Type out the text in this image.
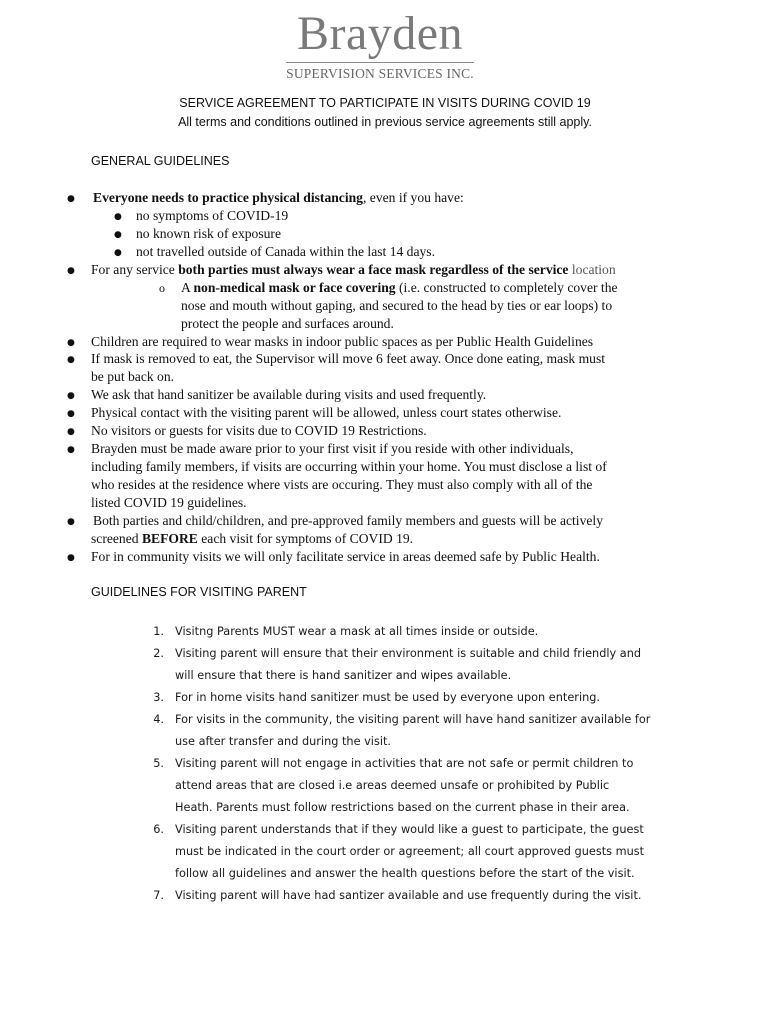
Brayden
SUPERVISION SERVICES INC.
SERVICE AGREEMENT TO PARTICIPATE IN VISITS DURING COVID 19
All terms and conditions outlined in previous service agreements still apply.
GENERAL GUIDELINES
● Everyone needs to practice physical distancing, even if you have:
● no symptoms of COVID-19
● no known risk of exposure
● not travelled outside of Canada within the last 14 days.
● For any service both parties must always wear a face mask regardless of the service location
o A non-medical mask or face covering (i.e. constructed to completely cover the
nose and mouth without gaping, and secured to the head by ties or ear loops) to
protect the people and surfaces around.
● Children are required to wear masks in indoor public spaces as per Public Health Guidelines
● If mask is removed to eat, the Supervisor will move 6 feet away. Once done eating, mask must
be put back on.
● We ask that hand sanitizer be available during visits and used frequently.
● Physical contact with the visiting parent will be allowed, unless court states otherwise.
● No visitors or guests for visits due to COVID 19 Restrictions.
● Brayden must be made aware prior to your first visit if you reside with other individuals,
including family members, if visits are occurring within your home. You must disclose a list of
who resides at the residence where vists are occuring. They must also comply with all of the
listed COVID 19 guidelines.
● Both parties and child/children, and pre-approved family members and guests will be actively
screened BEFORE each visit for symptoms of COVID 19.
● For in community visits we will only facilitate service in areas deemed safe by Public Health.
GUIDELINES FOR VISITING PARENT
1. Visitng Parents MUST wear a mask at all times inside or outside.
2. Visiting parent will ensure that their environment is suitable and child friendly and
will ensure that there is hand sanitizer and wipes available.
3. For in home visits hand sanitizer must be used by everyone upon entering.
4. For visits in the community, the visiting parent will have hand sanitizer available for
use after transfer and during the visit.
5. Visiting parent will not engage in activities that are not safe or permit children to
attend areas that are closed i.e areas deemed unsafe or prohibited by Public
Heath. Parents must follow restrictions based on the current phase in their area.
6. Visiting parent understands that if they would like a guest to participate, the guest
must be indicated in the court order or agreement; all court approved guests must
follow all guidelines and answer the health questions before the start of the visit.
7. Visiting parent will have had santizer available and use frequently during the visit.
